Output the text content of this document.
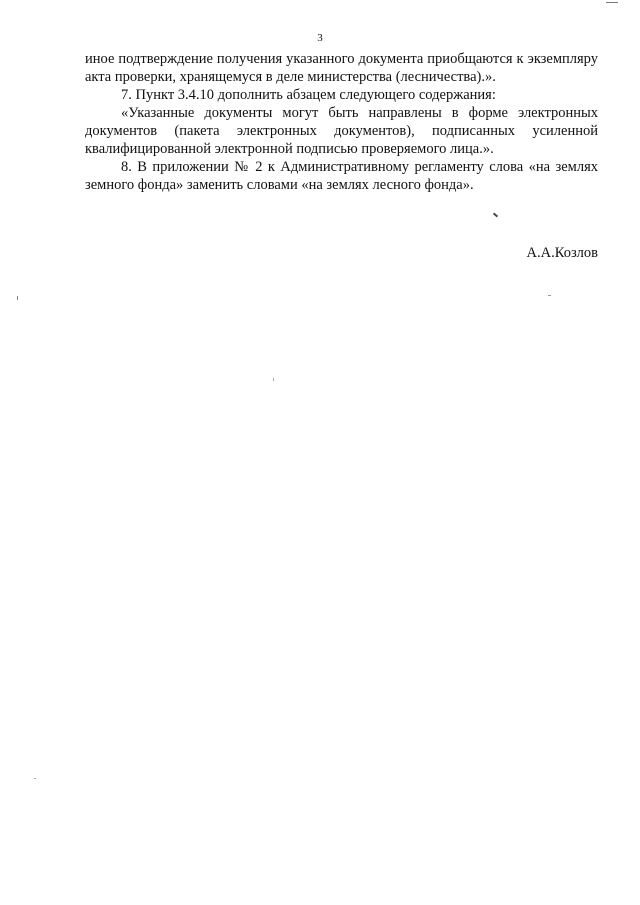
3

иное подтверждение получения указанного документа приобщаются к экземпляру акта проверки, хранящемуся в деле министерства (лесничества).».

7. Пункт 3.4.10 дополнить абзацем следующего содержания:

«Указанные документы могут быть направлены в форме электронных документов (пакета электронных документов), подписанных усиленной квалифицированной электронной подписью проверяемого лица.».

8. В приложении № 2 к Административному регламенту слова «на землях земного фонда» заменить словами «на землях лесного фонда».

А.А.Козлов
